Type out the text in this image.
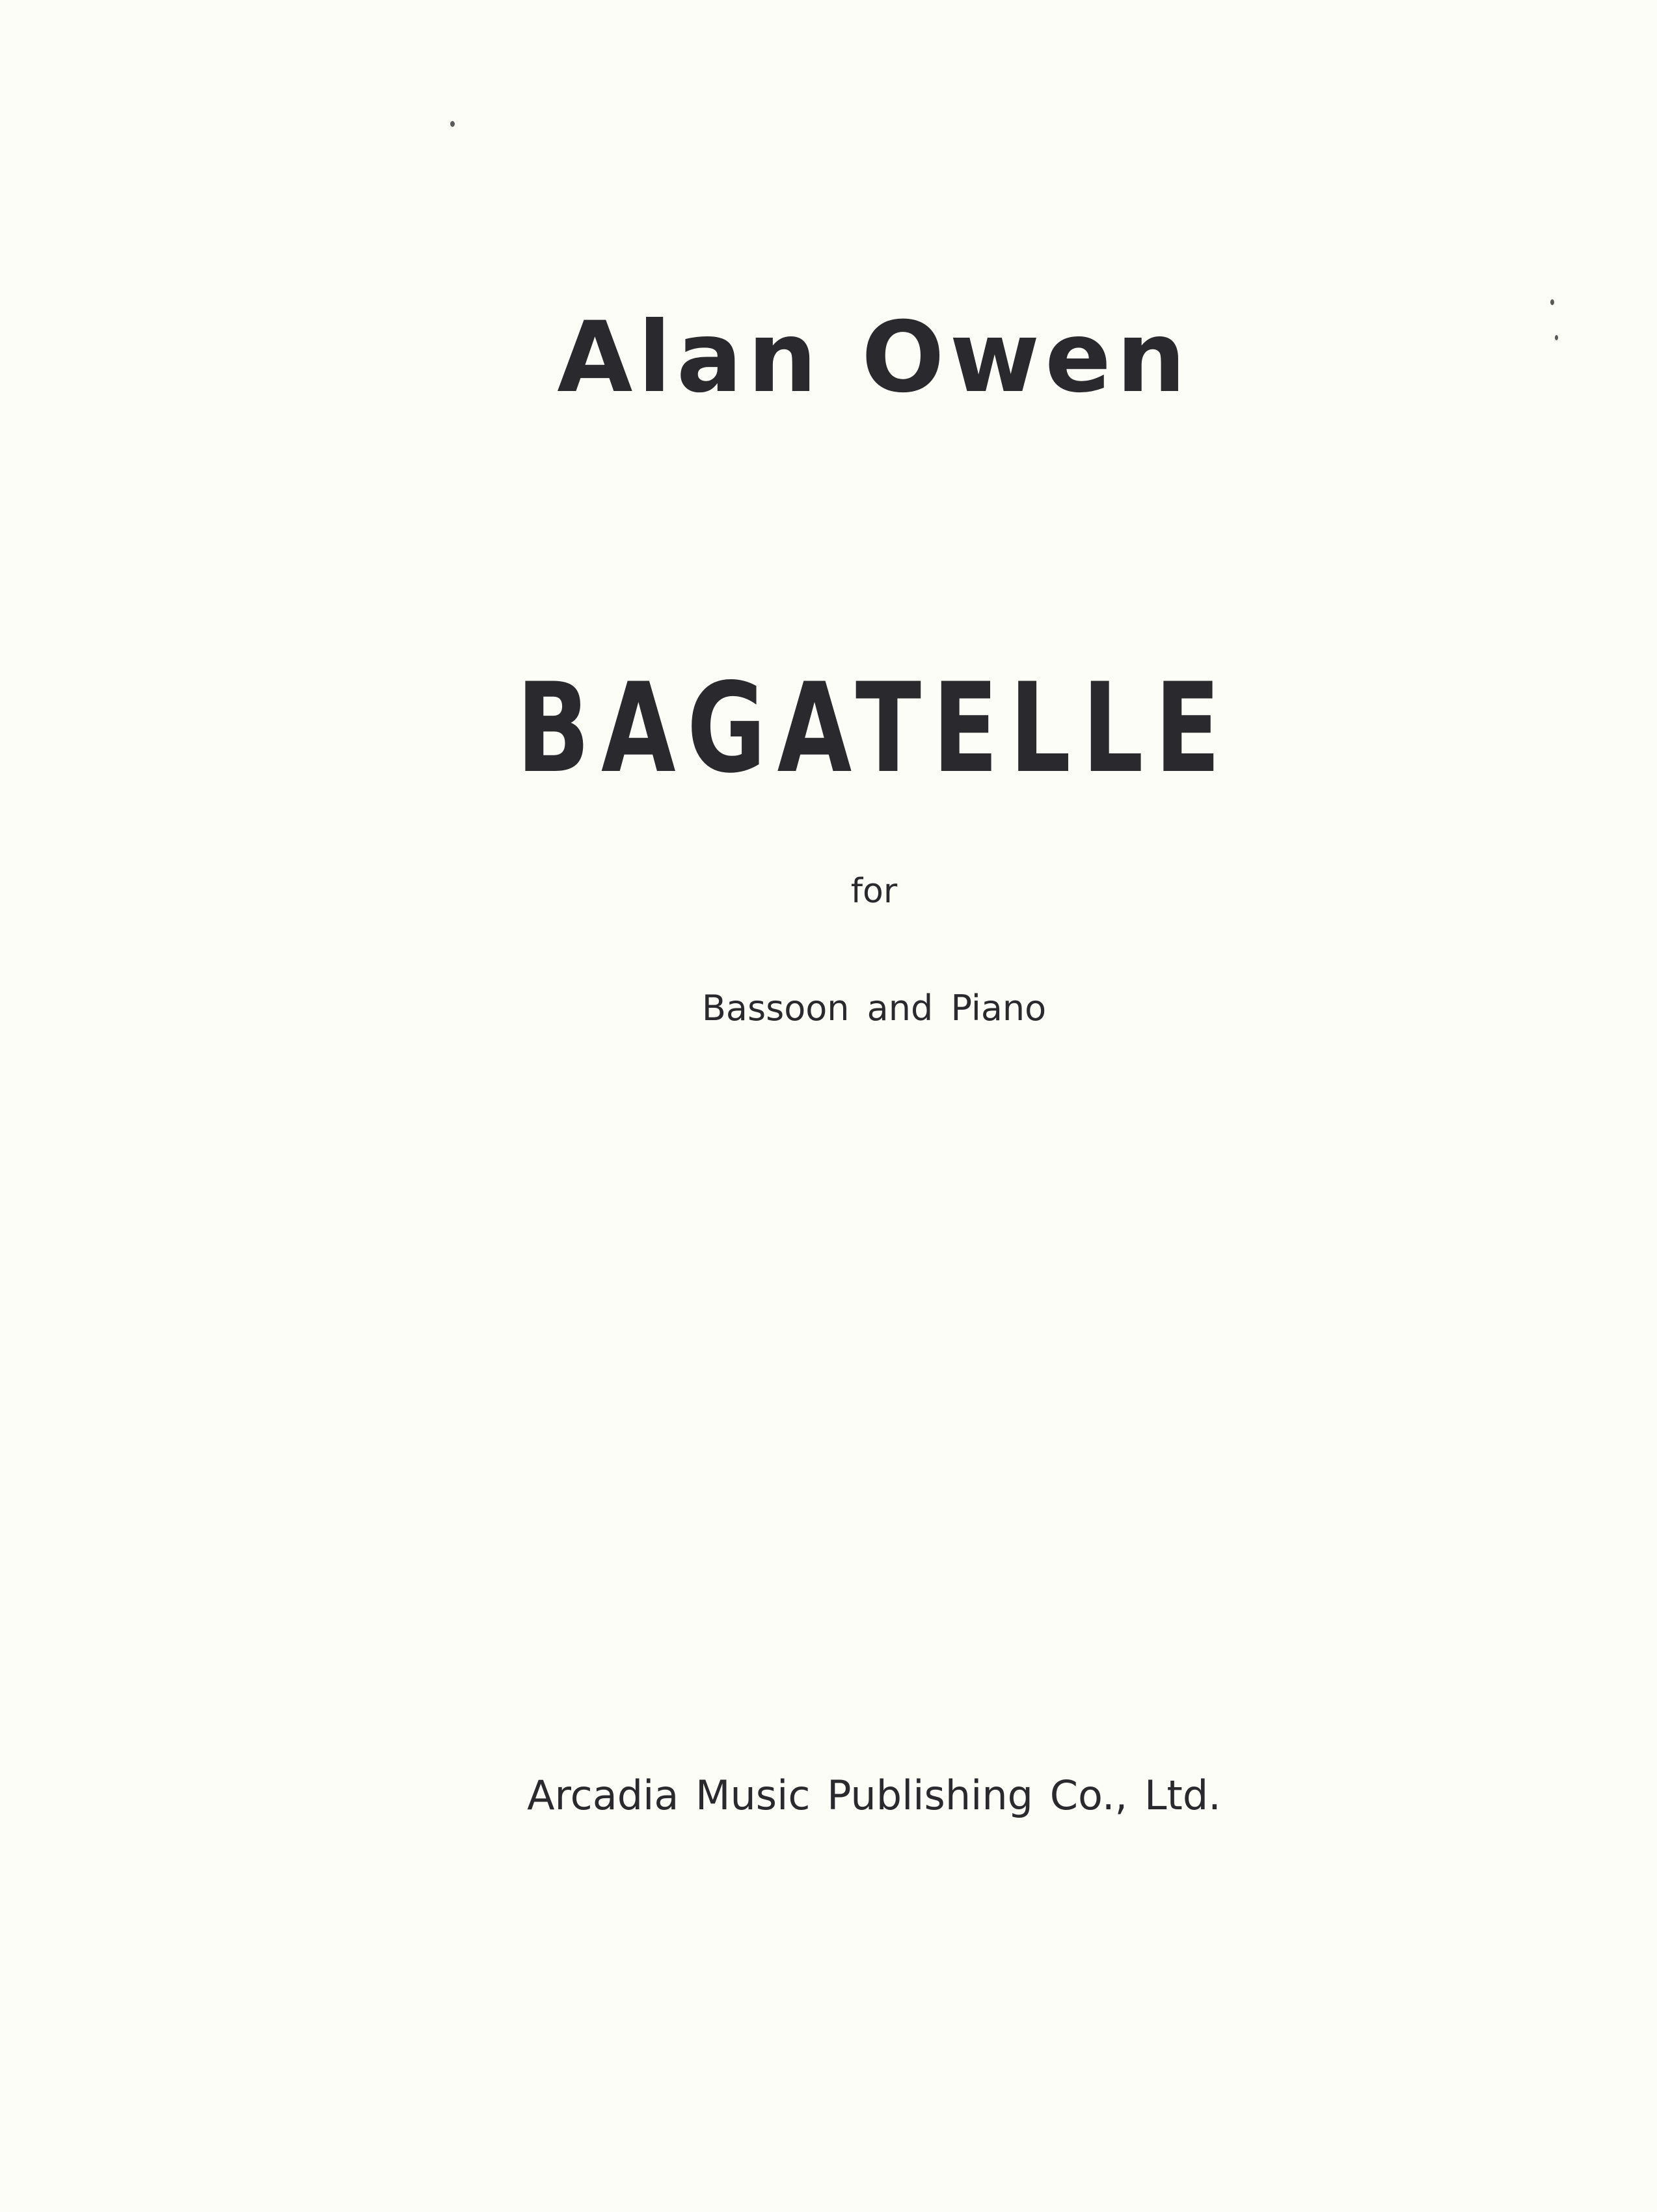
Alan Owen
BAGATELLE
for
Bassoon and Piano
Arcadia Music Publishing Co., Ltd.
